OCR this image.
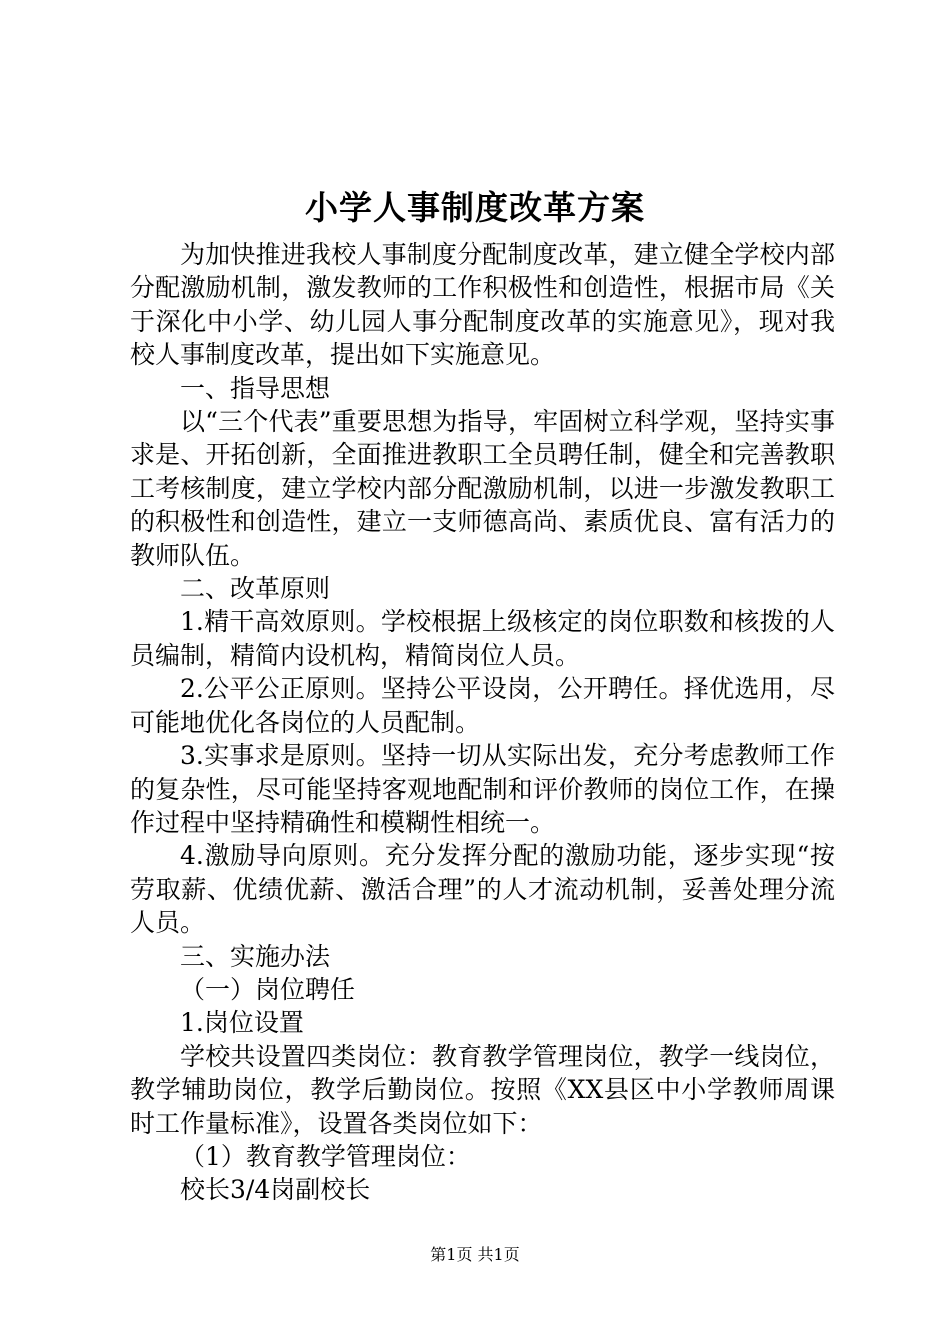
小学人事制度改革方案

为加快推进我校人事制度分配制度改革，建立健全学校内部分配激励机制，激发教师的工作积极性和创造性，根据市局《关于深化中小学、幼儿园人事分配制度改革的实施意见》，现对我校人事制度改革，提出如下实施意见。

一、指导思想

以“三个代表”重要思想为指导，牢固树立科学观，坚持实事求是、开拓创新，全面推进教职工全员聘任制，健全和完善教职工考核制度，建立学校内部分配激励机制，以进一步激发教职工的积极性和创造性，建立一支师德高尚、素质优良、富有活力的教师队伍。

二、改革原则

1.精干高效原则。学校根据上级核定的岗位职数和核拨的人员编制，精简内设机构，精简岗位人员。

2.公平公正原则。坚持公平设岗，公开聘任。择优选用，尽可能地优化各岗位的人员配制。

3.实事求是原则。坚持一切从实际出发，充分考虑教师工作的复杂性，尽可能坚持客观地配制和评价教师的岗位工作，在操作过程中坚持精确性和模糊性相统一。

4.激励导向原则。充分发挥分配的激励功能，逐步实现“按劳取薪、优绩优薪、激活合理”的人才流动机制，妥善处理分流人员。

三、实施办法

（一）岗位聘任

1.岗位设置

学校共设置四类岗位：教育教学管理岗位，教学一线岗位，教学辅助岗位，教学后勤岗位。按照《XX县区中小学教师周课时工作量标准》，设置各类岗位如下：

（1）教育教学管理岗位：

校长3/4岗副校长

第1页 共1页
